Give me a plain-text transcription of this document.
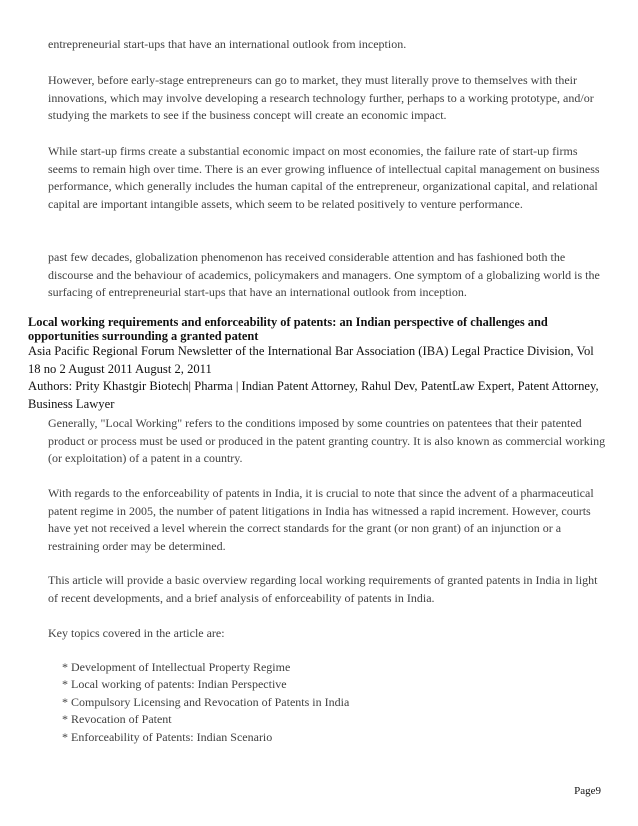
entrepreneurial start-ups that have an international outlook from inception.

However, before early-stage entrepreneurs can go to market, they must literally prove to themselves with their innovations, which may involve developing a research technology further, perhaps to a working prototype, and/or studying the markets to see if the business concept will create an economic impact.

While start-up firms create a substantial economic impact on most economies, the failure rate of start-up firms seems to remain high over time. There is an ever growing influence of intellectual capital management on business performance, which generally includes the human capital of the entrepreneur, organizational capital, and relational capital are important intangible assets, which seem to be related positively to venture performance.

past few decades, globalization phenomenon has received considerable attention and has fashioned both the discourse and the behaviour of academics, policymakers and managers. One symptom of a globalizing world is the surfacing of entrepreneurial start-ups that have an international outlook from inception.

Local working requirements and enforceability of patents: an Indian perspective of challenges and opportunities surrounding a granted patent

Asia Pacific Regional Forum Newsletter of the International Bar Association (IBA) Legal Practice Division, Vol 18 no 2 August 2011 August 2, 2011

Authors: Prity Khastgir Biotech| Pharma | Indian Patent Attorney, Rahul Dev, PatentLaw Expert, Patent Attorney, Business Lawyer

Generally, "Local Working" refers to the conditions imposed by some countries on patentees that their patented product or process must be used or produced in the patent granting country. It is also known as commercial working (or exploitation) of a patent in a country.

With regards to the enforceability of patents in India, it is crucial to note that since the advent of a pharmaceutical patent regime in 2005, the number of patent litigations in India has witnessed a rapid increment. However, courts have yet not received a level wherein the correct standards for the grant (or non grant) of an injunction or a restraining order may be determined.

This article will provide a basic overview regarding local working requirements of granted patents in India in light of recent developments, and a brief analysis of enforceability of patents in India.

Key topics covered in the article are:

* Development of Intellectual Property Regime
* Local working of patents: Indian Perspective
* Compulsory Licensing and Revocation of Patents in India
* Revocation of Patent
* Enforceability of Patents: Indian Scenario
Page9
